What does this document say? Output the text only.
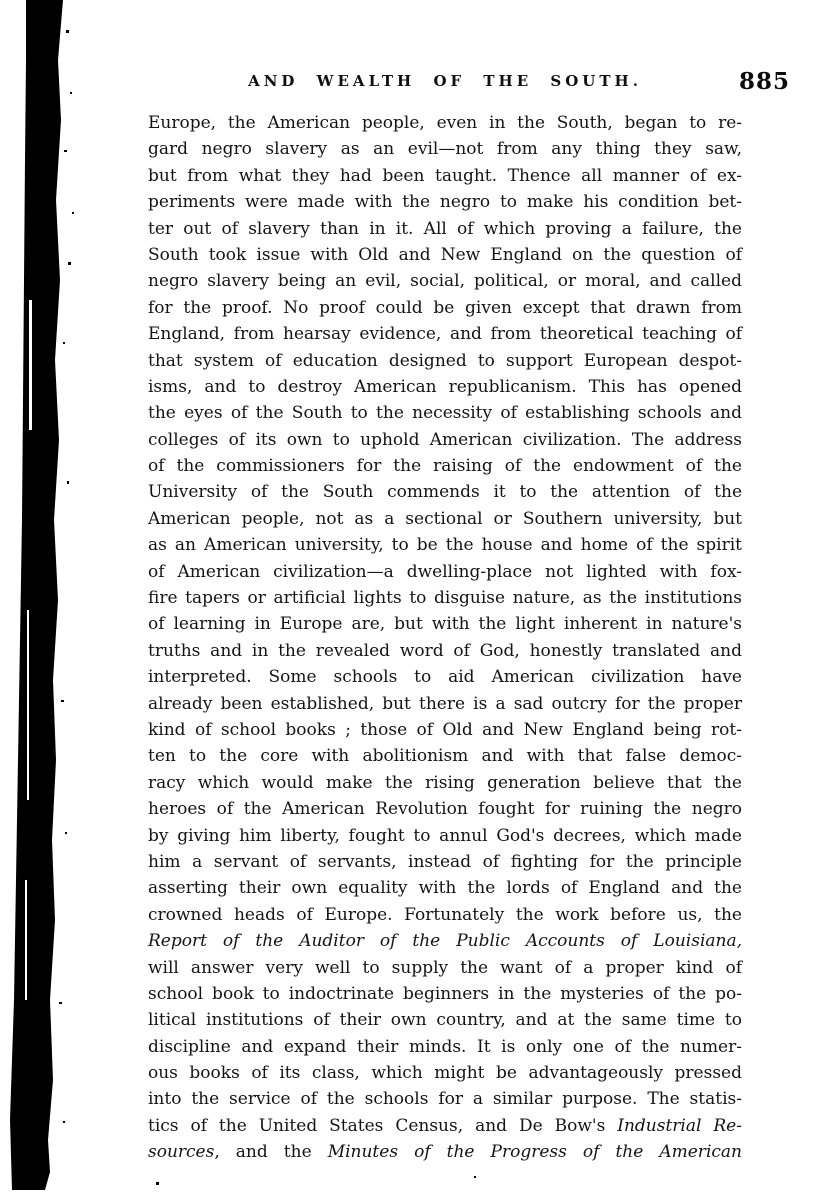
AND WEALTH OF THE SOUTH.	885
Europe, the American people, even in the South, began to re-
gard negro slavery as an evil—not from any thing they saw,
but from what they had been taught. Thence all manner of ex-
periments were made with the negro to make his condition bet-
ter out of slavery than in it. All of which proving a failure, the
South took issue with Old and New England on the question of
negro slavery being an evil, social, political, or moral, and called
for the proof. No proof could be given except that drawn from
England, from hearsay evidence, and from theoretical teaching of
that system of education designed to support European despot-
isms, and to destroy American republicanism. This has opened
the eyes of the South to the necessity of establishing schools and
colleges of its own to uphold American civilization. The address
of the commissioners for the raising of the endowment of the
University of the South commends it to the attention of the
American people, not as a sectional or Southern university, but
as an American university, to be the house and home of the spirit
of American civilization—a dwelling-place not lighted with fox-
fire tapers or artificial lights to disguise nature, as the institutions
of learning in Europe are, but with the light inherent in nature's
truths and in the revealed word of God, honestly translated and
interpreted. Some schools to aid American civilization have
already been established, but there is a sad outcry for the proper
kind of school books ; those of Old and New England being rot-
ten to the core with abolitionism and with that false democ-
racy which would make the rising generation believe that the
heroes of the American Revolution fought for ruining the negro
by giving him liberty, fought to annul God's decrees, which made
him a servant of servants, instead of fighting for the principle
asserting their own equality with the lords of England and the
crowned heads of Europe. Fortunately the work before us, the
Report of the Auditor of the Public Accounts of Louisiana,
will answer very well to supply the want of a proper kind of
school book to indoctrinate beginners in the mysteries of the po-
litical institutions of their own country, and at the same time to
discipline and expand their minds. It is only one of the numer-
ous books of its class, which might be advantageously pressed
into the service of the schools for a similar purpose. The statis-
tics of the United States Census, and De Bow's Industrial Re-
sources, and the Minutes of the Progress of the American
